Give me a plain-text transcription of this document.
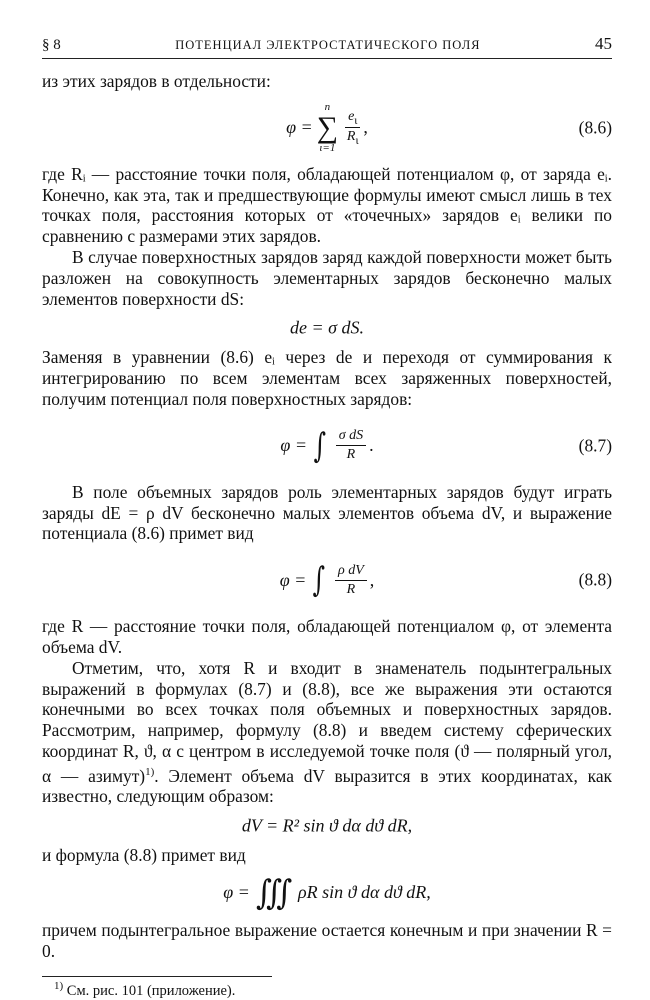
§ 8	ПОТЕНЦИАЛ ЭЛЕКТРОСТАТИЧЕСКОГО ПОЛЯ	45

из этих зарядов в отдельности:

φ =
n
∑
ι=1
$\frac{e_\iota}{R_\iota}$ ,	(8.6)

где Rᵢ — расстояние точки поля, обладающей потенциалом φ, от заряда eᵢ. Конечно, как эта, так и предшествующие формулы имеют смысл лишь в тех точках поля, расстояния которых от «точечных» зарядов eᵢ велики по сравнению с размерами этих зарядов.

В случае поверхностных зарядов заряд каждой поверхности может быть разложен на совокупность элементарных зарядов бесконечно малых элементов поверхности dS:

de = σ dS.

Заменяя в уравнении (8.6) eᵢ через de и переходя от суммирования к интегрированию по всем элементам всех заряженных поверхностей, получим потенциал поля поверхностных зарядов:

φ = ∫ $\frac{\text{σ dS}}{R}$ .	(8.7)

В поле объемных зарядов роль элементарных зарядов будут играть заряды dE = ρ dV бесконечно малых элементов объема dV, и выражение потенциала (8.6) примет вид

φ = ∫ $\frac{\text{ρ dV}}{R}$ ,	(8.8)

где R — расстояние точки поля, обладающей потенциалом φ, от элемента объема dV.

Отметим, что, хотя R и входит в знаменатель подынтегральных выражений в формулах (8.7) и (8.8), все же выражения эти остаются конечными во всех точках поля объемных и поверхностных зарядов. Рассмотрим, например, формулу (8.8) и введем систему сферических координат R, ϑ, α с центром в исследуемой точке поля (ϑ — полярный угол, α — азимут)$^{1)}$. Элемент объема dV выразится в этих координатах, как известно, следующим образом:

dV = R² sin ϑ dα dϑ dR,

и формула (8.8) примет вид

φ = ∭ ρR sin ϑ dα dϑ dR,

причем подынтегральное выражение остается конечным и при значении R = 0.

$^{1)}$ См. рис. 101 (приложение).
